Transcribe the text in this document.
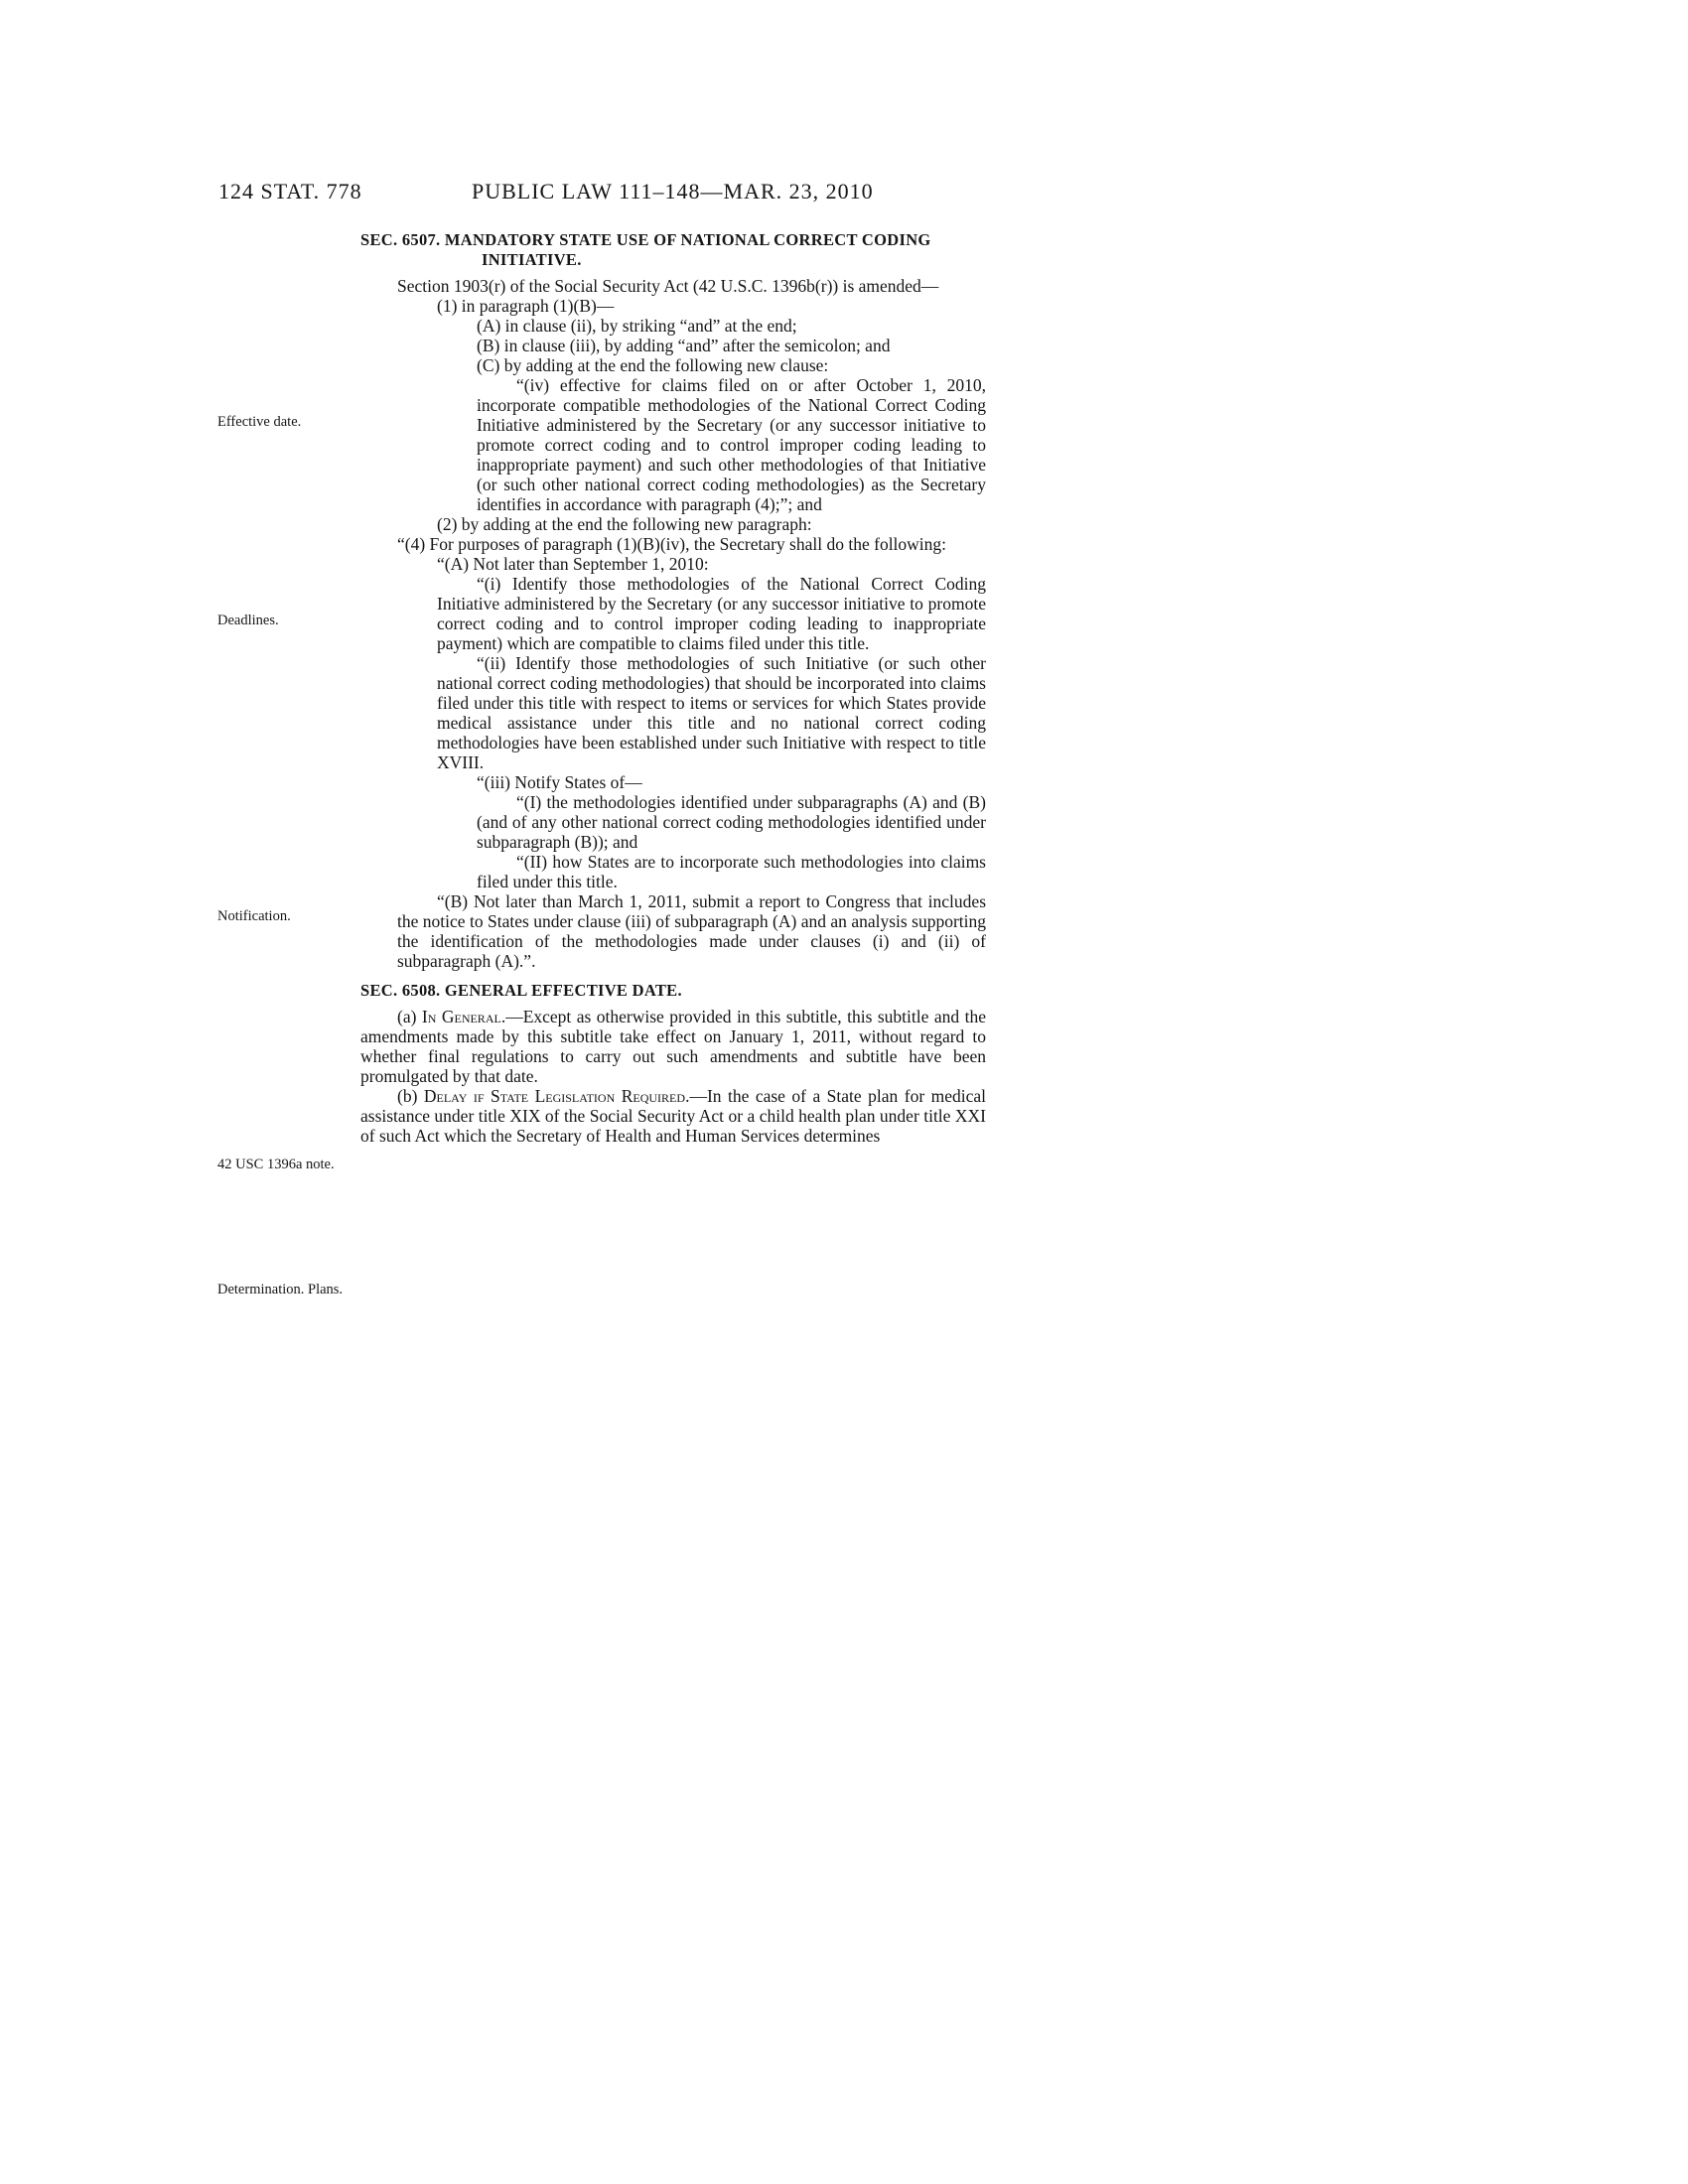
124 STAT. 778	PUBLIC LAW 111–148—MAR. 23, 2010
Effective date.
Deadlines.
Notification.
42 USC 1396a note.
Determination. Plans.

SEC. 6507. MANDATORY STATE USE OF NATIONAL CORRECT CODING INITIATIVE.

Section 1903(r) of the Social Security Act (42 U.S.C. 1396b(r)) is amended—

(1) in paragraph (1)(B)—

(A) in clause (ii), by striking “and” at the end;

(B) in clause (iii), by adding “and” after the semicolon; and

(C) by adding at the end the following new clause:

“(iv) effective for claims filed on or after October 1, 2010, incorporate compatible methodologies of the National Correct Coding Initiative administered by the Secretary (or any successor initiative to promote correct coding and to control improper coding leading to inappropriate payment) and such other methodologies of that Initiative (or such other national correct coding methodologies) as the Secretary identifies in accordance with paragraph (4);”; and

(2) by adding at the end the following new paragraph:

“(4) For purposes of paragraph (1)(B)(iv), the Secretary shall do the following:

“(A) Not later than September 1, 2010:

“(i) Identify those methodologies of the National Correct Coding Initiative administered by the Secretary (or any successor initiative to promote correct coding and to control improper coding leading to inappropriate payment) which are compatible to claims filed under this title.

“(ii) Identify those methodologies of such Initiative (or such other national correct coding methodologies) that should be incorporated into claims filed under this title with respect to items or services for which States provide medical assistance under this title and no national correct coding methodologies have been established under such Initiative with respect to title XVIII.

“(iii) Notify States of—

“(I) the methodologies identified under subparagraphs (A) and (B) (and of any other national correct coding methodologies identified under subparagraph (B)); and

“(II) how States are to incorporate such methodologies into claims filed under this title.

“(B) Not later than March 1, 2011, submit a report to Congress that includes the notice to States under clause (iii) of subparagraph (A) and an analysis supporting the identification of the methodologies made under clauses (i) and (ii) of subparagraph (A).”.

SEC. 6508. GENERAL EFFECTIVE DATE.

(a) In General.—Except as otherwise provided in this subtitle, this subtitle and the amendments made by this subtitle take effect on January 1, 2011, without regard to whether final regulations to carry out such amendments and subtitle have been promulgated by that date.

(b) Delay if State Legislation Required.—In the case of a State plan for medical assistance under title XIX of the Social Security Act or a child health plan under title XXI of such Act which the Secretary of Health and Human Services determines
